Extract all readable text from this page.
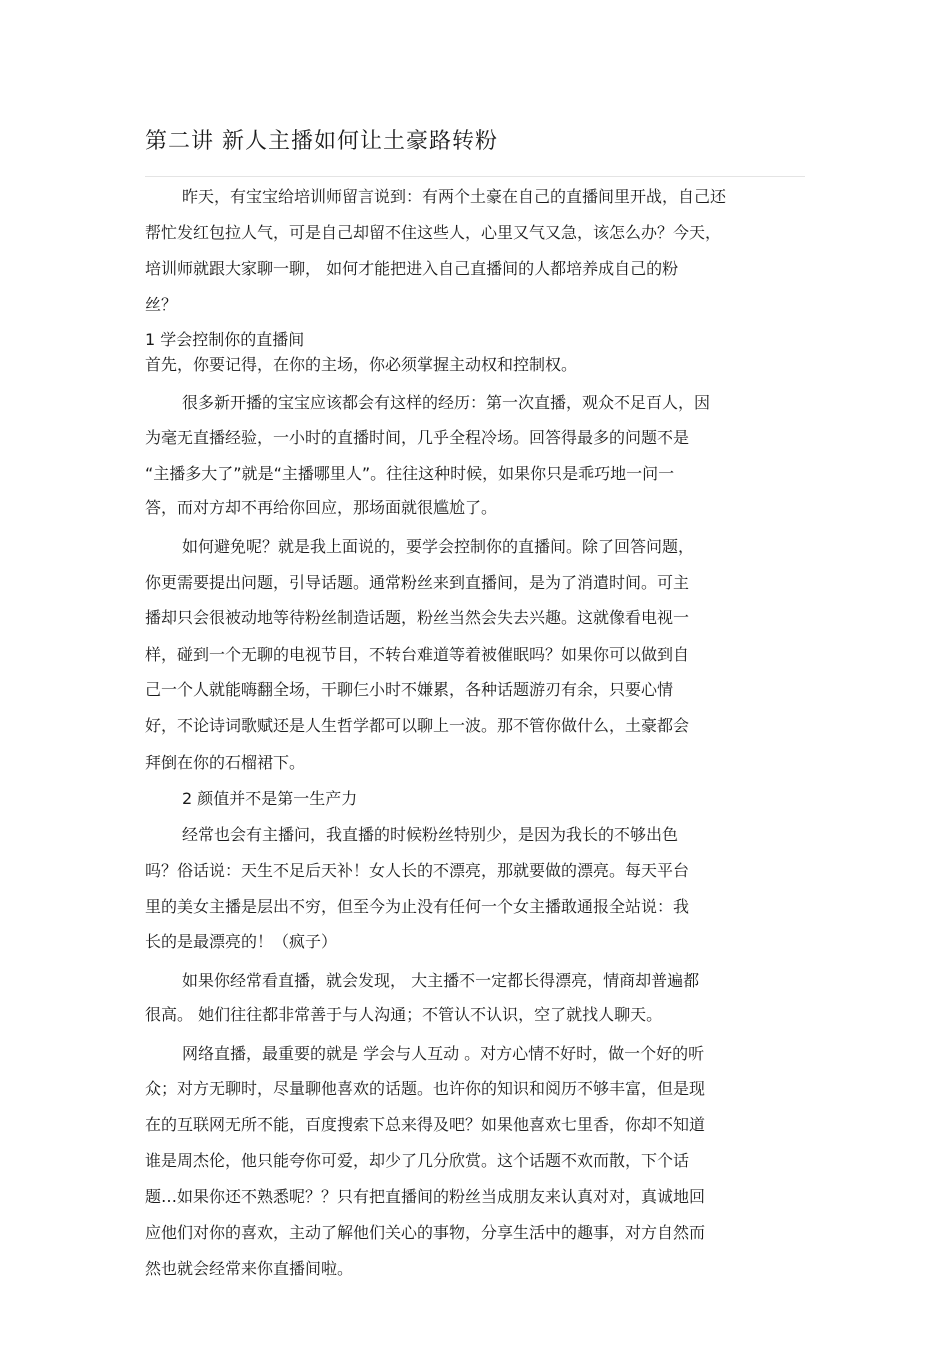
第二讲 新人主播如何让土豪路转粉
昨天，有宝宝给培训师留言说到：有两个土豪在自己的直播间里开战，自己还
帮忙发红包拉人气，可是自己却留不住这些人，心里又气又急，该怎么办？今天，
培训师就跟大家聊一聊， 如何才能把进入自己直播间的人都培养成自己的粉
丝？
1 学会控制你的直播间
首先，你要记得，在你的主场，你必须掌握主动权和控制权。
很多新开播的宝宝应该都会有这样的经历：第一次直播，观众不足百人，因
为毫无直播经验，一小时的直播时间，几乎全程冷场。回答得最多的问题不是
“主播多大了”就是“主播哪里人”。往往这种时候，如果你只是乖巧地一问一
答，而对方却不再给你回应，那场面就很尴尬了。
如何避免呢？就是我上面说的，要学会控制你的直播间。除了回答问题，
你更需要提出问题，引导话题。通常粉丝来到直播间，是为了消遣时间。可主
播却只会很被动地等待粉丝制造话题，粉丝当然会失去兴趣。这就像看电视一
样，碰到一个无聊的电视节目，不转台难道等着被催眠吗？如果你可以做到自
己一个人就能嗨翻全场，干聊仨小时不嫌累，各种话题游刃有余，只要心情
好，不论诗词歌赋还是人生哲学都可以聊上一波。那不管你做什么，土豪都会
拜倒在你的石榴裙下。
2 颜值并不是第一生产力
经常也会有主播问，我直播的时候粉丝特别少，是因为我长的不够出色
吗？俗话说：天生不足后天补！女人长的不漂亮，那就要做的漂亮。每天平台
里的美女主播是层出不穷，但至今为止没有任何一个女主播敢通报全站说：我
长的是最漂亮的！（疯子）
如果你经常看直播，就会发现， 大主播不一定都长得漂亮，情商却普遍都
很高。 她们往往都非常善于与人沟通；不管认不认识，空了就找人聊天。
网络直播，最重要的就是 学会与人互动 。对方心情不好时，做一个好的听
众；对方无聊时，尽量聊他喜欢的话题。也许你的知识和阅历不够丰富，但是现
在的互联网无所不能，百度搜索下总来得及吧？如果他喜欢七里香，你却不知道
谁是周杰伦，他只能夸你可爱，却少了几分欣赏。这个话题不欢而散，下个话
题…如果你还不熟悉呢？？只有把直播间的粉丝当成朋友来认真对对，真诚地回
应他们对你的喜欢，主动了解他们关心的事物，分享生活中的趣事，对方自然而
然也就会经常来你直播间啦。
